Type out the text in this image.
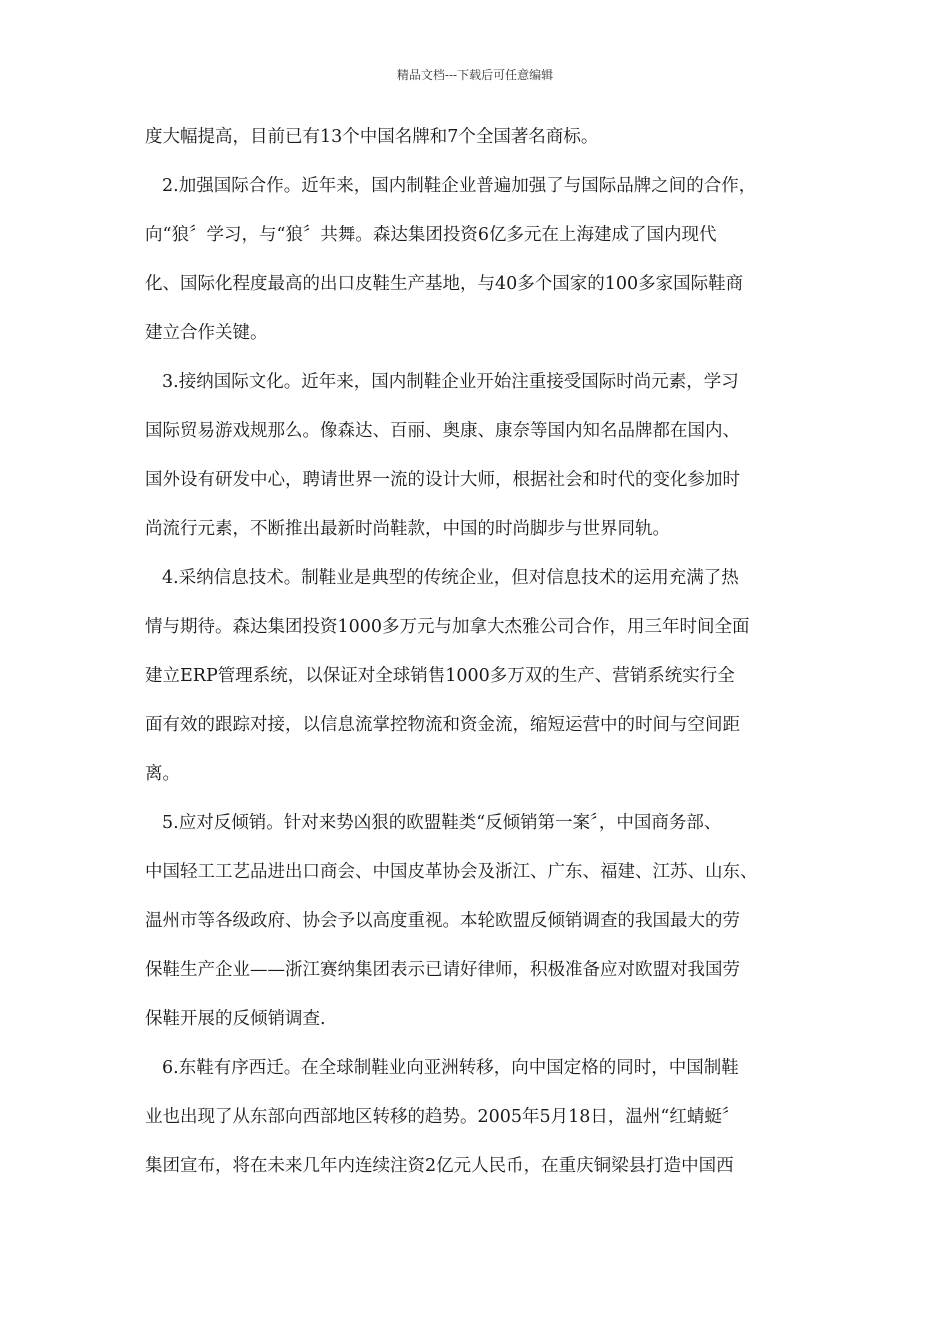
精品文档---下载后可任意编辑
度大幅提高，目前已有13个中国名牌和7个全国著名商标。
2.加强国际合作。近年来，国内制鞋企业普遍加强了与国际品牌之间的合作，
向“狼〞学习，与“狼〞共舞。森达集团投资6亿多元在上海建成了国内现代
化、国际化程度最高的出口皮鞋生产基地，与40多个国家的100多家国际鞋商
建立合作关键。
3.接纳国际文化。近年来，国内制鞋企业开始注重接受国际时尚元素，学习
国际贸易游戏规那么。像森达、百丽、奥康、康奈等国内知名品牌都在国内、
国外设有研发中心，聘请世界一流的设计大师，根据社会和时代的变化参加时
尚流行元素，不断推出最新时尚鞋款，中国的时尚脚步与世界同轨。
4.采纳信息技术。制鞋业是典型的传统企业，但对信息技术的运用充满了热
情与期待。森达集团投资1000多万元与加拿大杰雅公司合作，用三年时间全面
建立ERP管理系统，以保证对全球销售1000多万双的生产、营销系统实行全
面有效的跟踪对接，以信息流掌控物流和资金流，缩短运营中的时间与空间距
离。
5.应对反倾销。针对来势凶狠的欧盟鞋类“反倾销第一案〞，中国商务部、
中国轻工工艺品进出口商会、中国皮革协会及浙江、广东、福建、江苏、山东、
温州市等各级政府、协会予以高度重视。本轮欧盟反倾销调查的我国最大的劳
保鞋生产企业——浙江赛纳集团表示已请好律师，积极准备应对欧盟对我国劳
保鞋开展的反倾销调查.
6.东鞋有序西迁。在全球制鞋业向亚洲转移，向中国定格的同时，中国制鞋
业也出现了从东部向西部地区转移的趋势。2005年5月18日，温州“红蜻蜓〞
集团宣布，将在未来几年内连续注资2亿元人民币，在重庆铜梁县打造中国西
